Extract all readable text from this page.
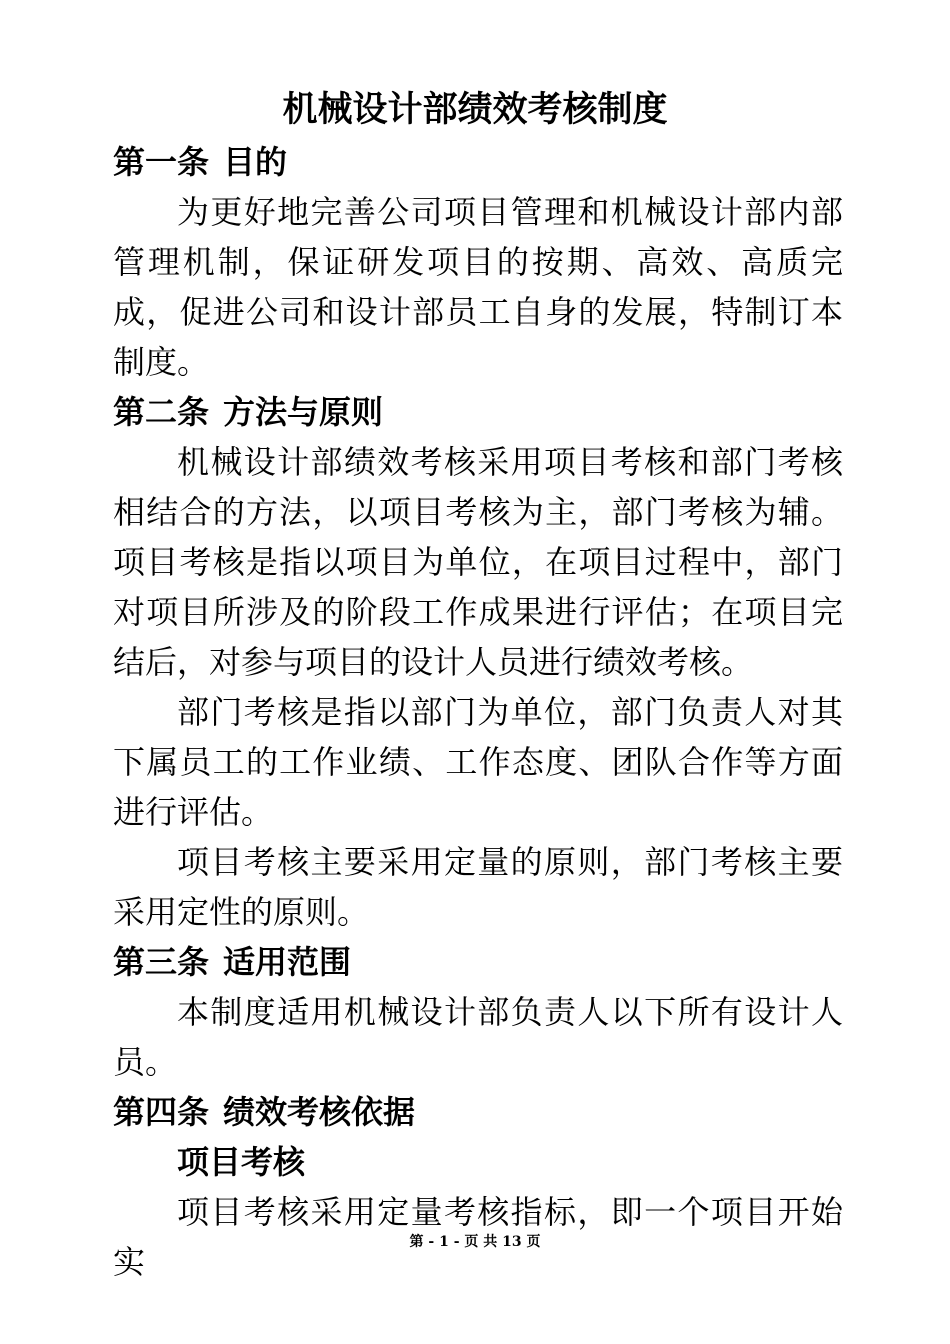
机械设计部绩效考核制度
第一条 目的

为更好地完善公司项目管理和机械设计部内部管理机制，保证研发项目的按期、高效、高质完成，促进公司和设计部员工自身的发展，特制订本制度。

第二条 方法与原则

机械设计部绩效考核采用项目考核和部门考核相结合的方法，以项目考核为主，部门考核为辅。项目考核是指以项目为单位，在项目过程中，部门对项目所涉及的阶段工作成果进行评估；在项目完结后，对参与项目的设计人员进行绩效考核。

部门考核是指以部门为单位，部门负责人对其下属员工的工作业绩、工作态度、团队合作等方面进行评估。

项目考核主要采用定量的原则，部门考核主要采用定性的原则。

第三条 适用范围

本制度适用机械设计部负责人以下所有设计人员。

第四条 绩效考核依据

项目考核

项目考核采用定量考核指标，即一个项目开始实

第 - 1 - 页 共 13 页
